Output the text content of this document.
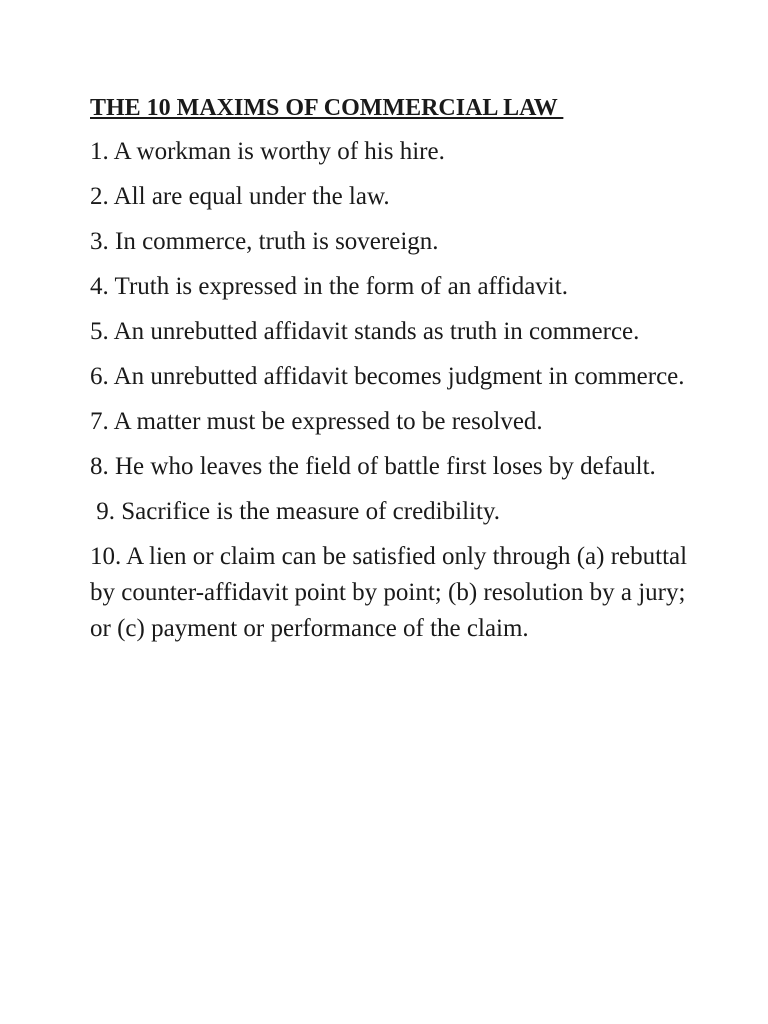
THE 10 MAXIMS OF COMMERCIAL LAW
1. A workman is worthy of his hire.
2. All are equal under the law.
3. In commerce, truth is sovereign.
4. Truth is expressed in the form of an affidavit.
5. An unrebutted affidavit stands as truth in commerce.
6. An unrebutted affidavit becomes judgment in commerce.
7. A matter must be expressed to be resolved.
8. He who leaves the field of battle first loses by default.
9. Sacrifice is the measure of credibility.
10. A lien or claim can be satisfied only through (a) rebuttal by counter-affidavit point by point; (b) resolution by a jury; or (c) payment or performance of the claim.
